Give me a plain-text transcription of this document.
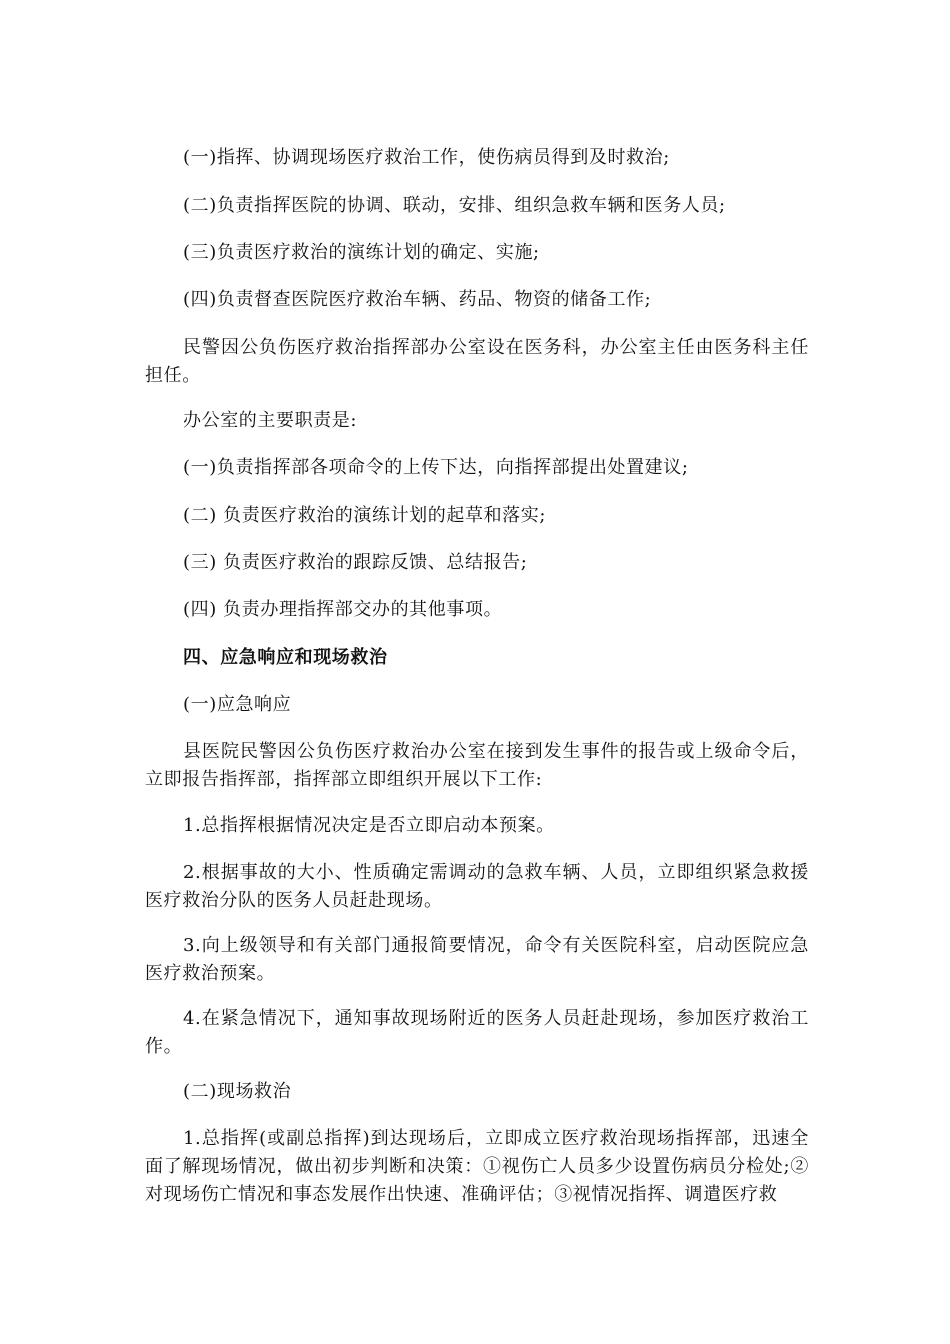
(一)指挥、协调现场医疗救治工作，使伤病员得到及时救治;

(二)负责指挥医院的协调、联动，安排、组织急救车辆和医务人员;

(三)负责医疗救治的演练计划的确定、实施;

(四)负责督查医院医疗救治车辆、药品、物资的储备工作;

民警因公负伤医疗救治指挥部办公室设在医务科，办公室主任由医务科主任担任。

办公室的主要职责是:

(一)负责指挥部各项命令的上传下达，向指挥部提出处置建议;

(二) 负责医疗救治的演练计划的起草和落实;

(三) 负责医疗救治的跟踪反馈、总结报告;

(四) 负责办理指挥部交办的其他事项。

四、应急响应和现场救治

(一)应急响应

县医院民警因公负伤医疗救治办公室在接到发生事件的报告或上级命令后，立即报告指挥部，指挥部立即组织开展以下工作:

1.总指挥根据情况决定是否立即启动本预案。

2.根据事故的大小、性质确定需调动的急救车辆、人员，立即组织紧急救援医疗救治分队的医务人员赶赴现场。

3.向上级领导和有关部门通报简要情况，命令有关医院科室，启动医院应急医疗救治预案。

4.在紧急情况下，通知事故现场附近的医务人员赶赴现场，参加医疗救治工作。

(二)现场救治

1.总指挥(或副总指挥)到达现场后，立即成立医疗救治现场指挥部，迅速全面了解现场情况，做出初步判断和决策：①视伤亡人员多少设置伤病员分检处;②对现场伤亡情况和事态发展作出快速、准确评估；③视情况指挥、调遣医疗救
